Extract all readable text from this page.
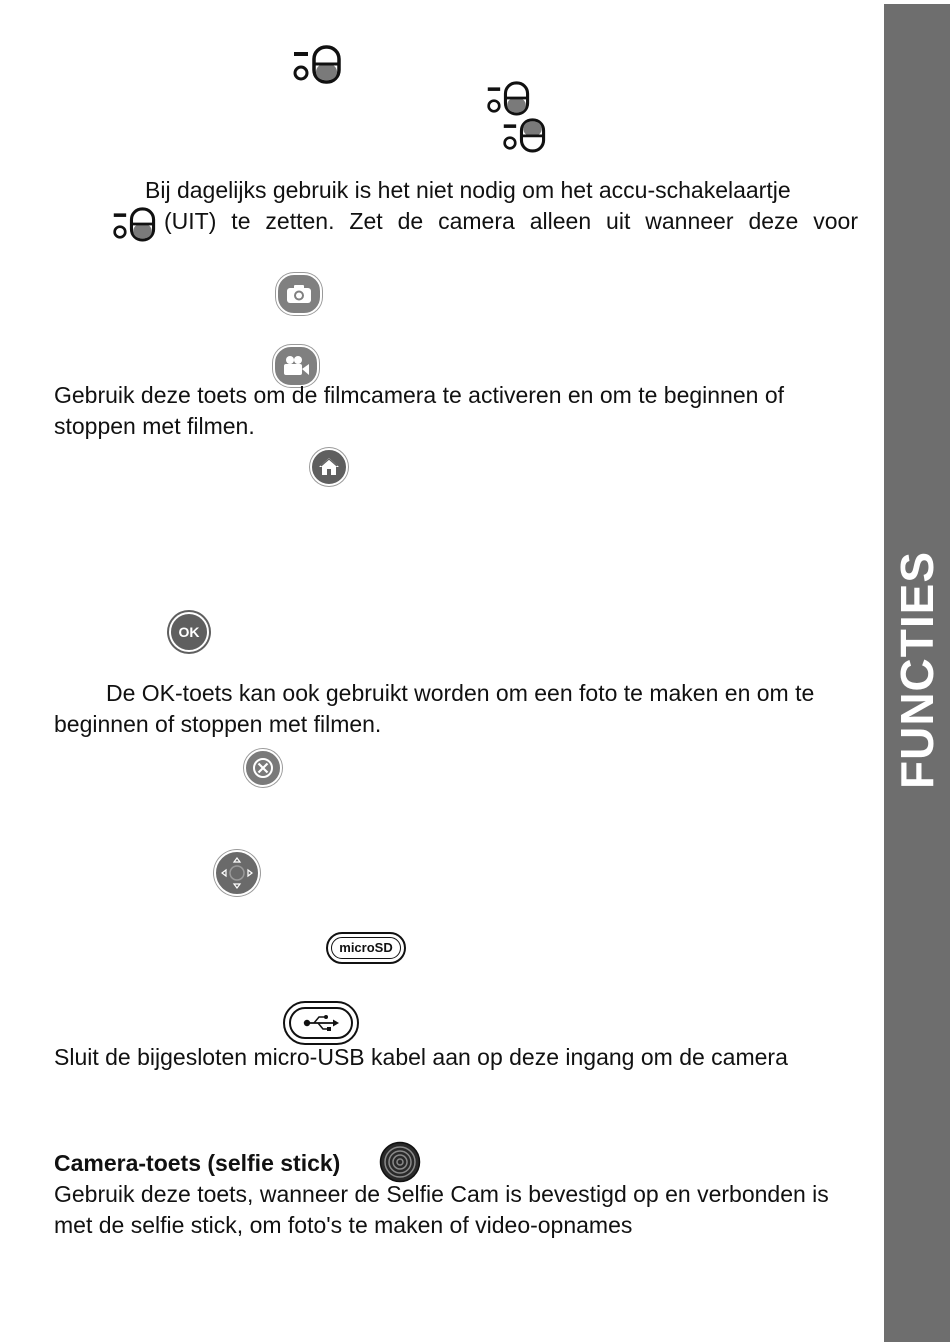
FUNCTIES

Bij dagelijks gebruik is het niet nodig om het accu-schakelaartje

(UIT) te zetten. Zet de camera alleen uit wanneer deze voor

Gebruik deze toets om de filmcamera te activeren en om te beginnen of stoppen met filmen.

OK

De OK-toets kan ook gebruikt worden om een foto te maken en om te beginnen of stoppen met filmen.

microSD

Sluit de bijgesloten micro-USB kabel aan op deze ingang om de camera

Camera-toets (selfie stick)

Gebruik deze toets, wanneer de Selfie Cam is bevestigd op en verbonden is met de selfie stick, om foto's te maken of video-opnames
